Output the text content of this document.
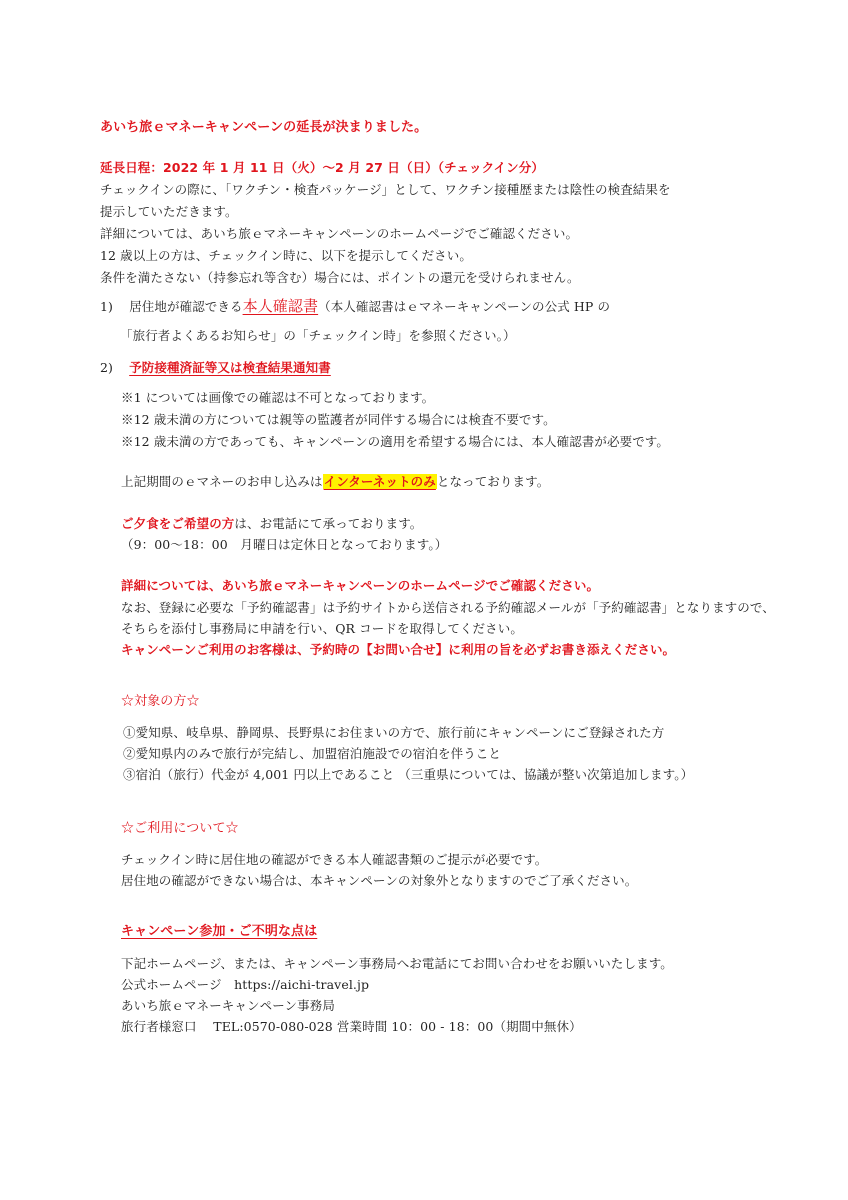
あいち旅ｅマネーキャンペーンの延長が決まりました。
延長日程：2022 年 1 月 11 日（火）～2 月 27 日（日）（チェックイン分）
チェックインの際に、「ワクチン・検査パッケージ」として、ワクチン接種歴または陰性の検査結果を
提示していただきます。
詳細については、あいち旅ｅマネーキャンペーンのホームページでご確認ください。
12 歳以上の方は、チェックイン時に、以下を提示してください。
条件を満たさない（持参忘れ等含む）場合には、ポイントの還元を受けられません。
1) 居住地が確認できる本人確認書（本人確認書はｅマネーキャンペーンの公式 HP の
「旅行者よくあるお知らせ」の「チェックイン時」を参照ください。）
2) 予防接種済証等又は検査結果通知書
※1 については画像での確認は不可となっております。
※12 歳未満の方については親等の監護者が同伴する場合には検査不要です。
※12 歳未満の方であっても、キャンペーンの適用を希望する場合には、本人確認書が必要です。
上記期間のｅマネーのお申し込みはインターネットのみとなっております。
ご夕食をご希望の方は、お電話にて承っております。
（9：00～18：00　月曜日は定休日となっております。）
詳細については、あいち旅ｅマネーキャンペーンのホームページでご確認ください。
なお、登録に必要な「予約確認書」は予約サイトから送信される予約確認メールが「予約確認書」となりますので、
そちらを添付し事務局に申請を行い、QR コードを取得してください。
キャンペーンご利用のお客様は、予約時の【お問い合せ】に利用の旨を必ずお書き添えください。
☆対象の方☆
①愛知県、岐阜県、静岡県、長野県にお住まいの方で、旅行前にキャンペーンにご登録された方
②愛知県内のみで旅行が完結し、加盟宿泊施設での宿泊を伴うこと
③宿泊（旅行）代金が 4,001 円以上であること （三重県については、協議が整い次第追加します。）
☆ご利用について☆
チェックイン時に居住地の確認ができる本人確認書類のご提示が必要です。
居住地の確認ができない場合は、本キャンペーンの対象外となりますのでご了承ください。
キャンペーン参加・ご不明な点は
下記ホームページ、または、キャンペーン事務局へお電話にてお問い合わせをお願いいたします。
公式ホームページ　https://aichi-travel.jp
あいち旅ｅマネーキャンペーン事務局
旅行者様窓口　 TEL:0570-080-028 営業時間 10：00 - 18：00（期間中無休）
